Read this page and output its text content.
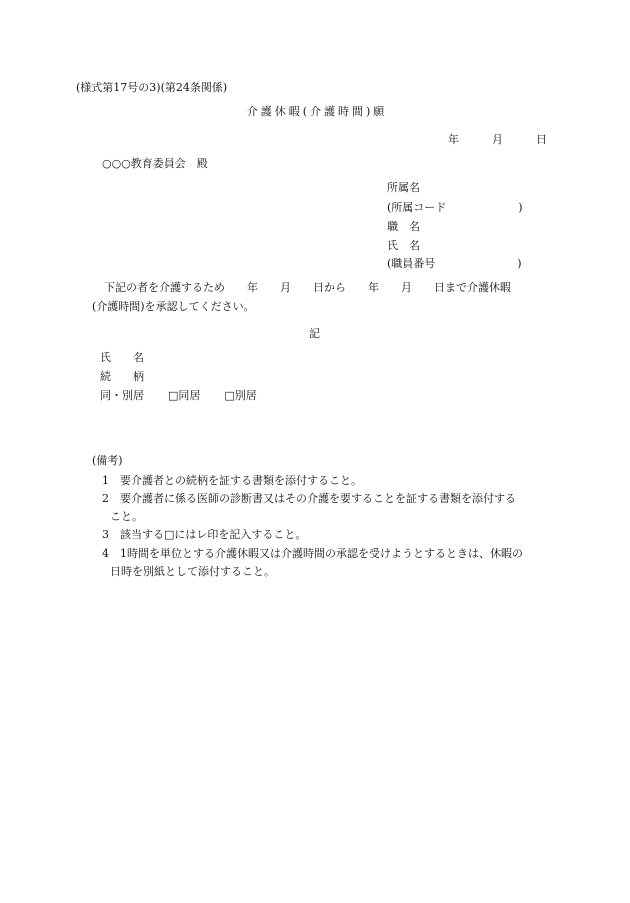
(様式第17号の3)(第24条関係)
介護休暇(介護時間)願
年	月	日
○○○教育委員会　殿
所属名
(所属コード	)
職　名
氏　名
(職員番号	)
下記の者を介護するため　　年　　月　　日から　　年　　月　　日まで介護休暇
(介護時間)を承認してください。
記
氏　　名
続　　柄
同・別居 □同居 □別居
(備考)
1 要介護者との続柄を証する書類を添付すること。
2 要介護者に係る医師の診断書又はその介護を要することを証する書類を添付する
こと。
3 該当する□にはレ印を記入すること。
4 1時間を単位とする介護休暇又は介護時間の承認を受けようとするときは、休暇の
日時を別紙として添付すること。
